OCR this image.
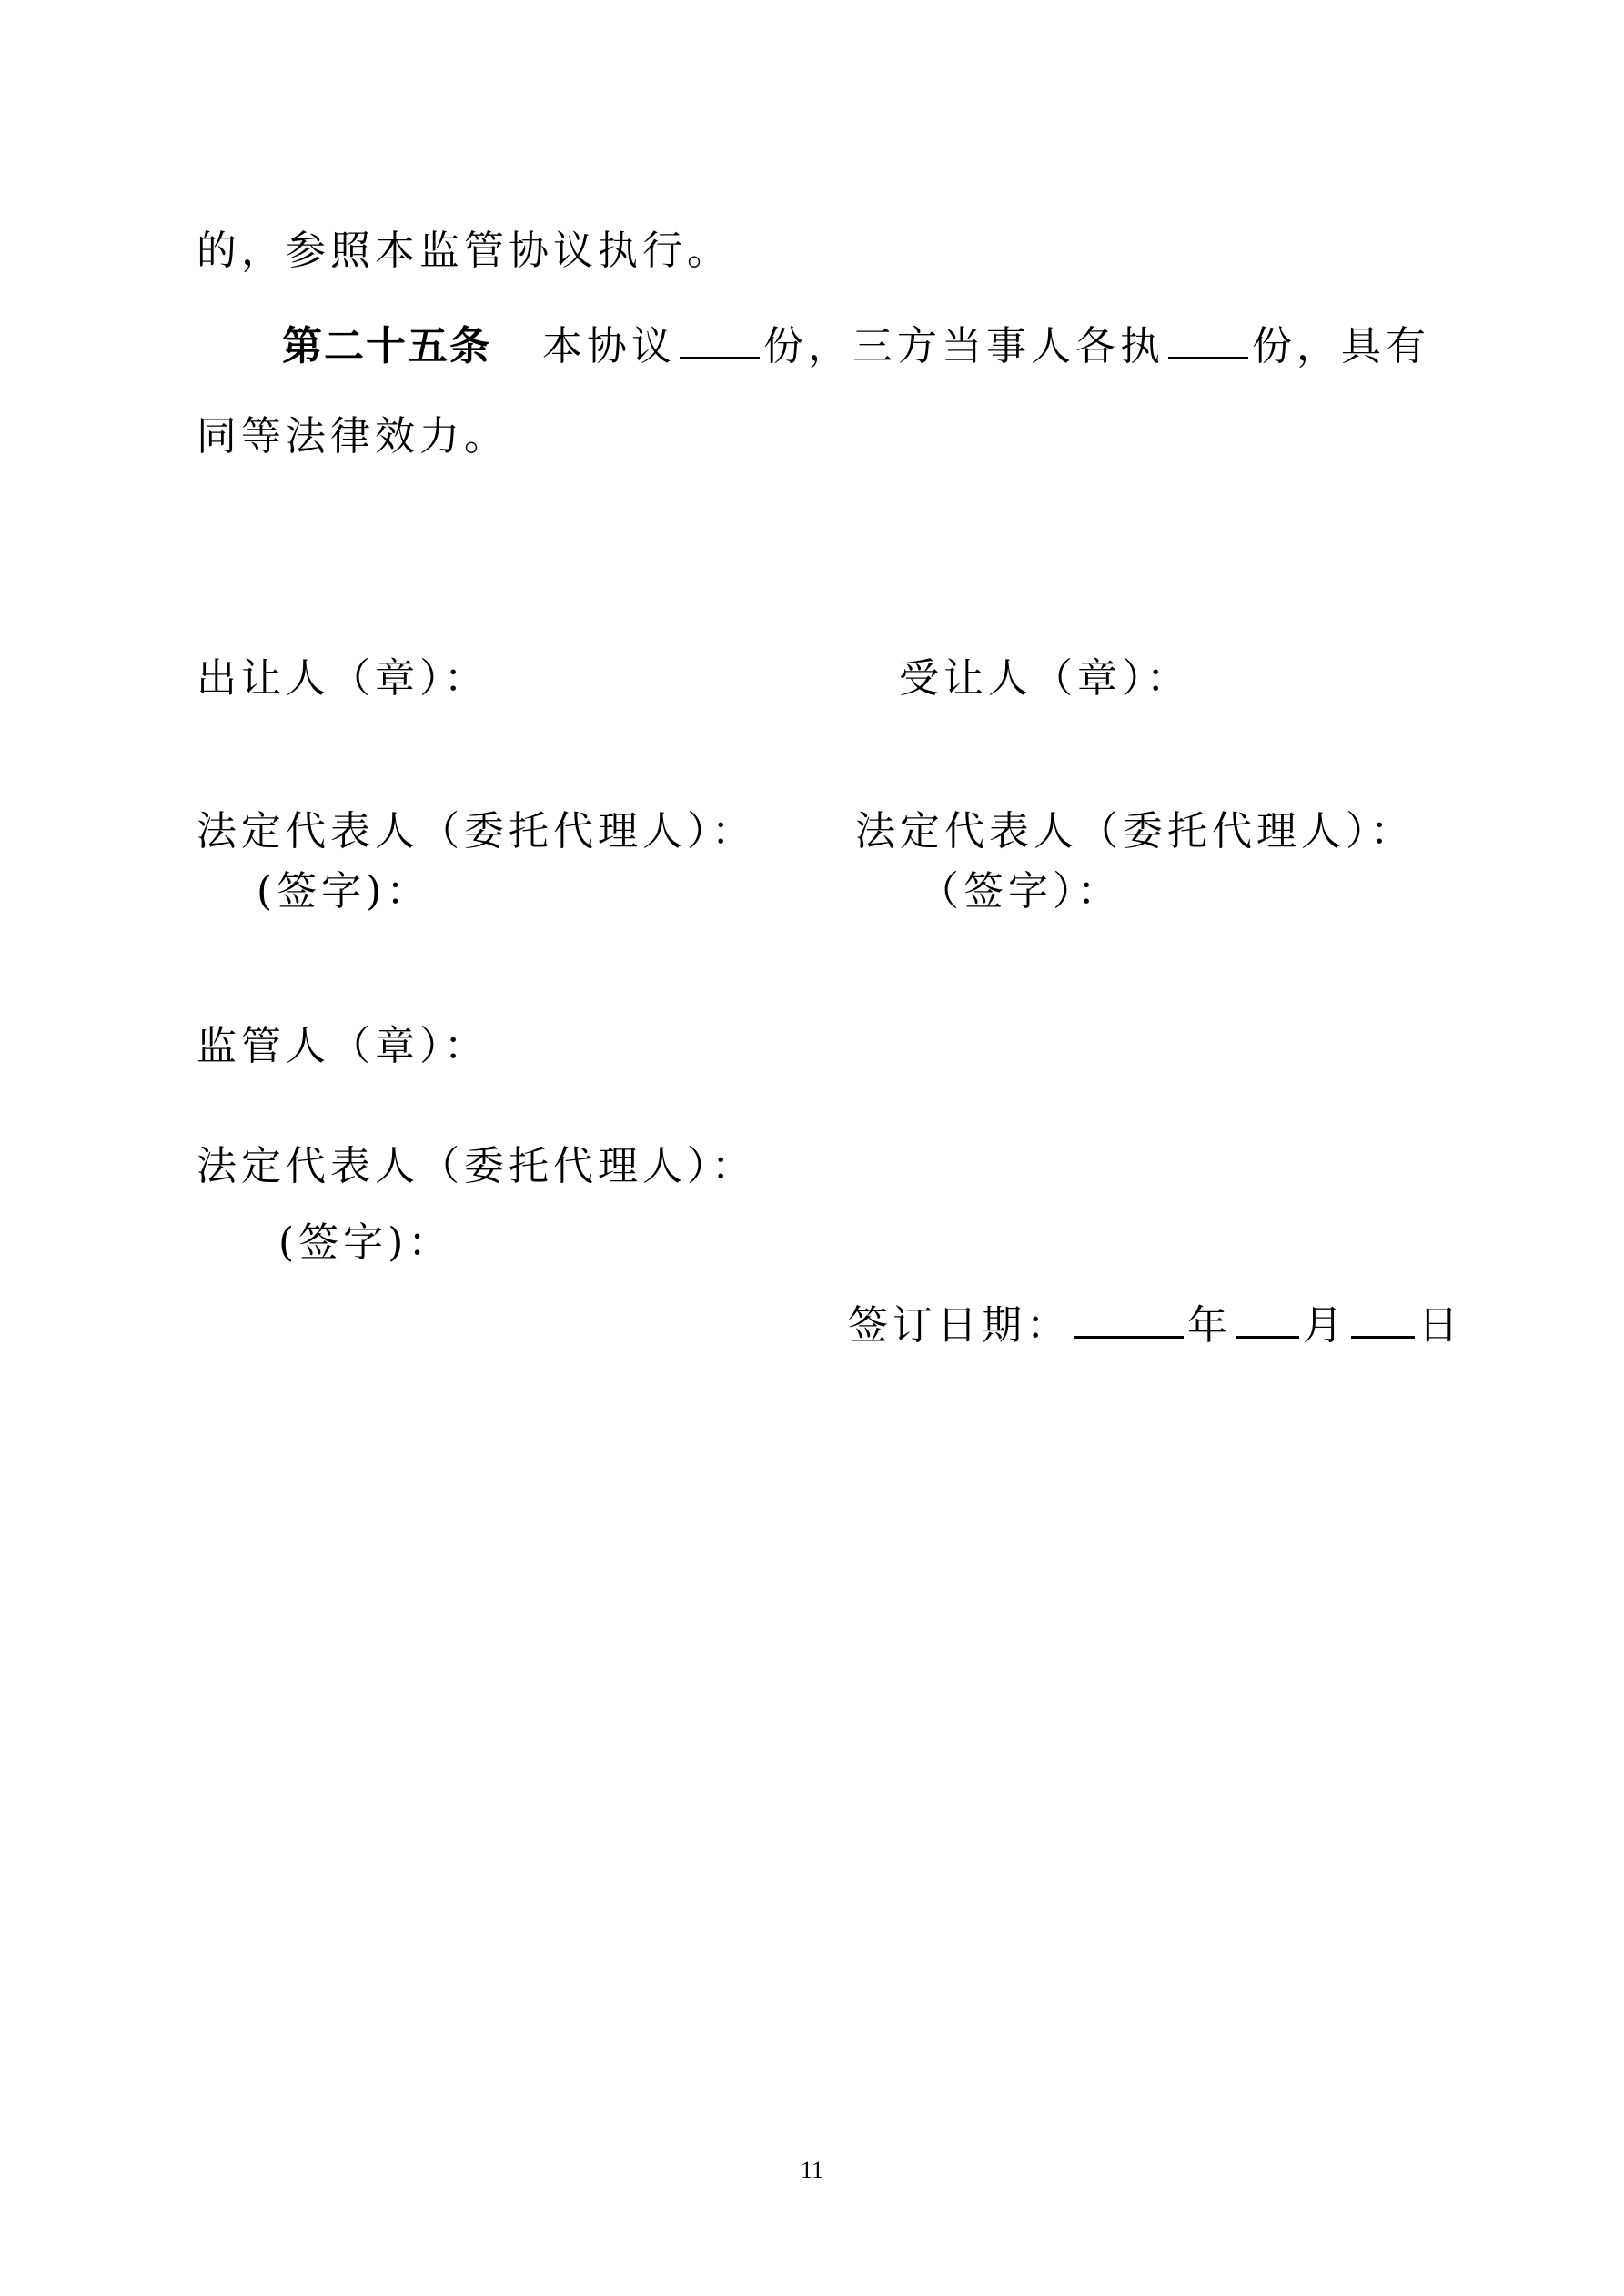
的，参照本监管协议执行。
第二十五条 本协议 份，三方当事人各执 份，具有
同等法律效力。
出让人（章）：	受让人（章）：
法定代表人（委托代理人）： 法定代表人（委托代理人）：
(签字)：	（签字）：
监管人（章）：
法定代表人（委托代理人）：
(签字)：
签订日期：	年 月 日
11
